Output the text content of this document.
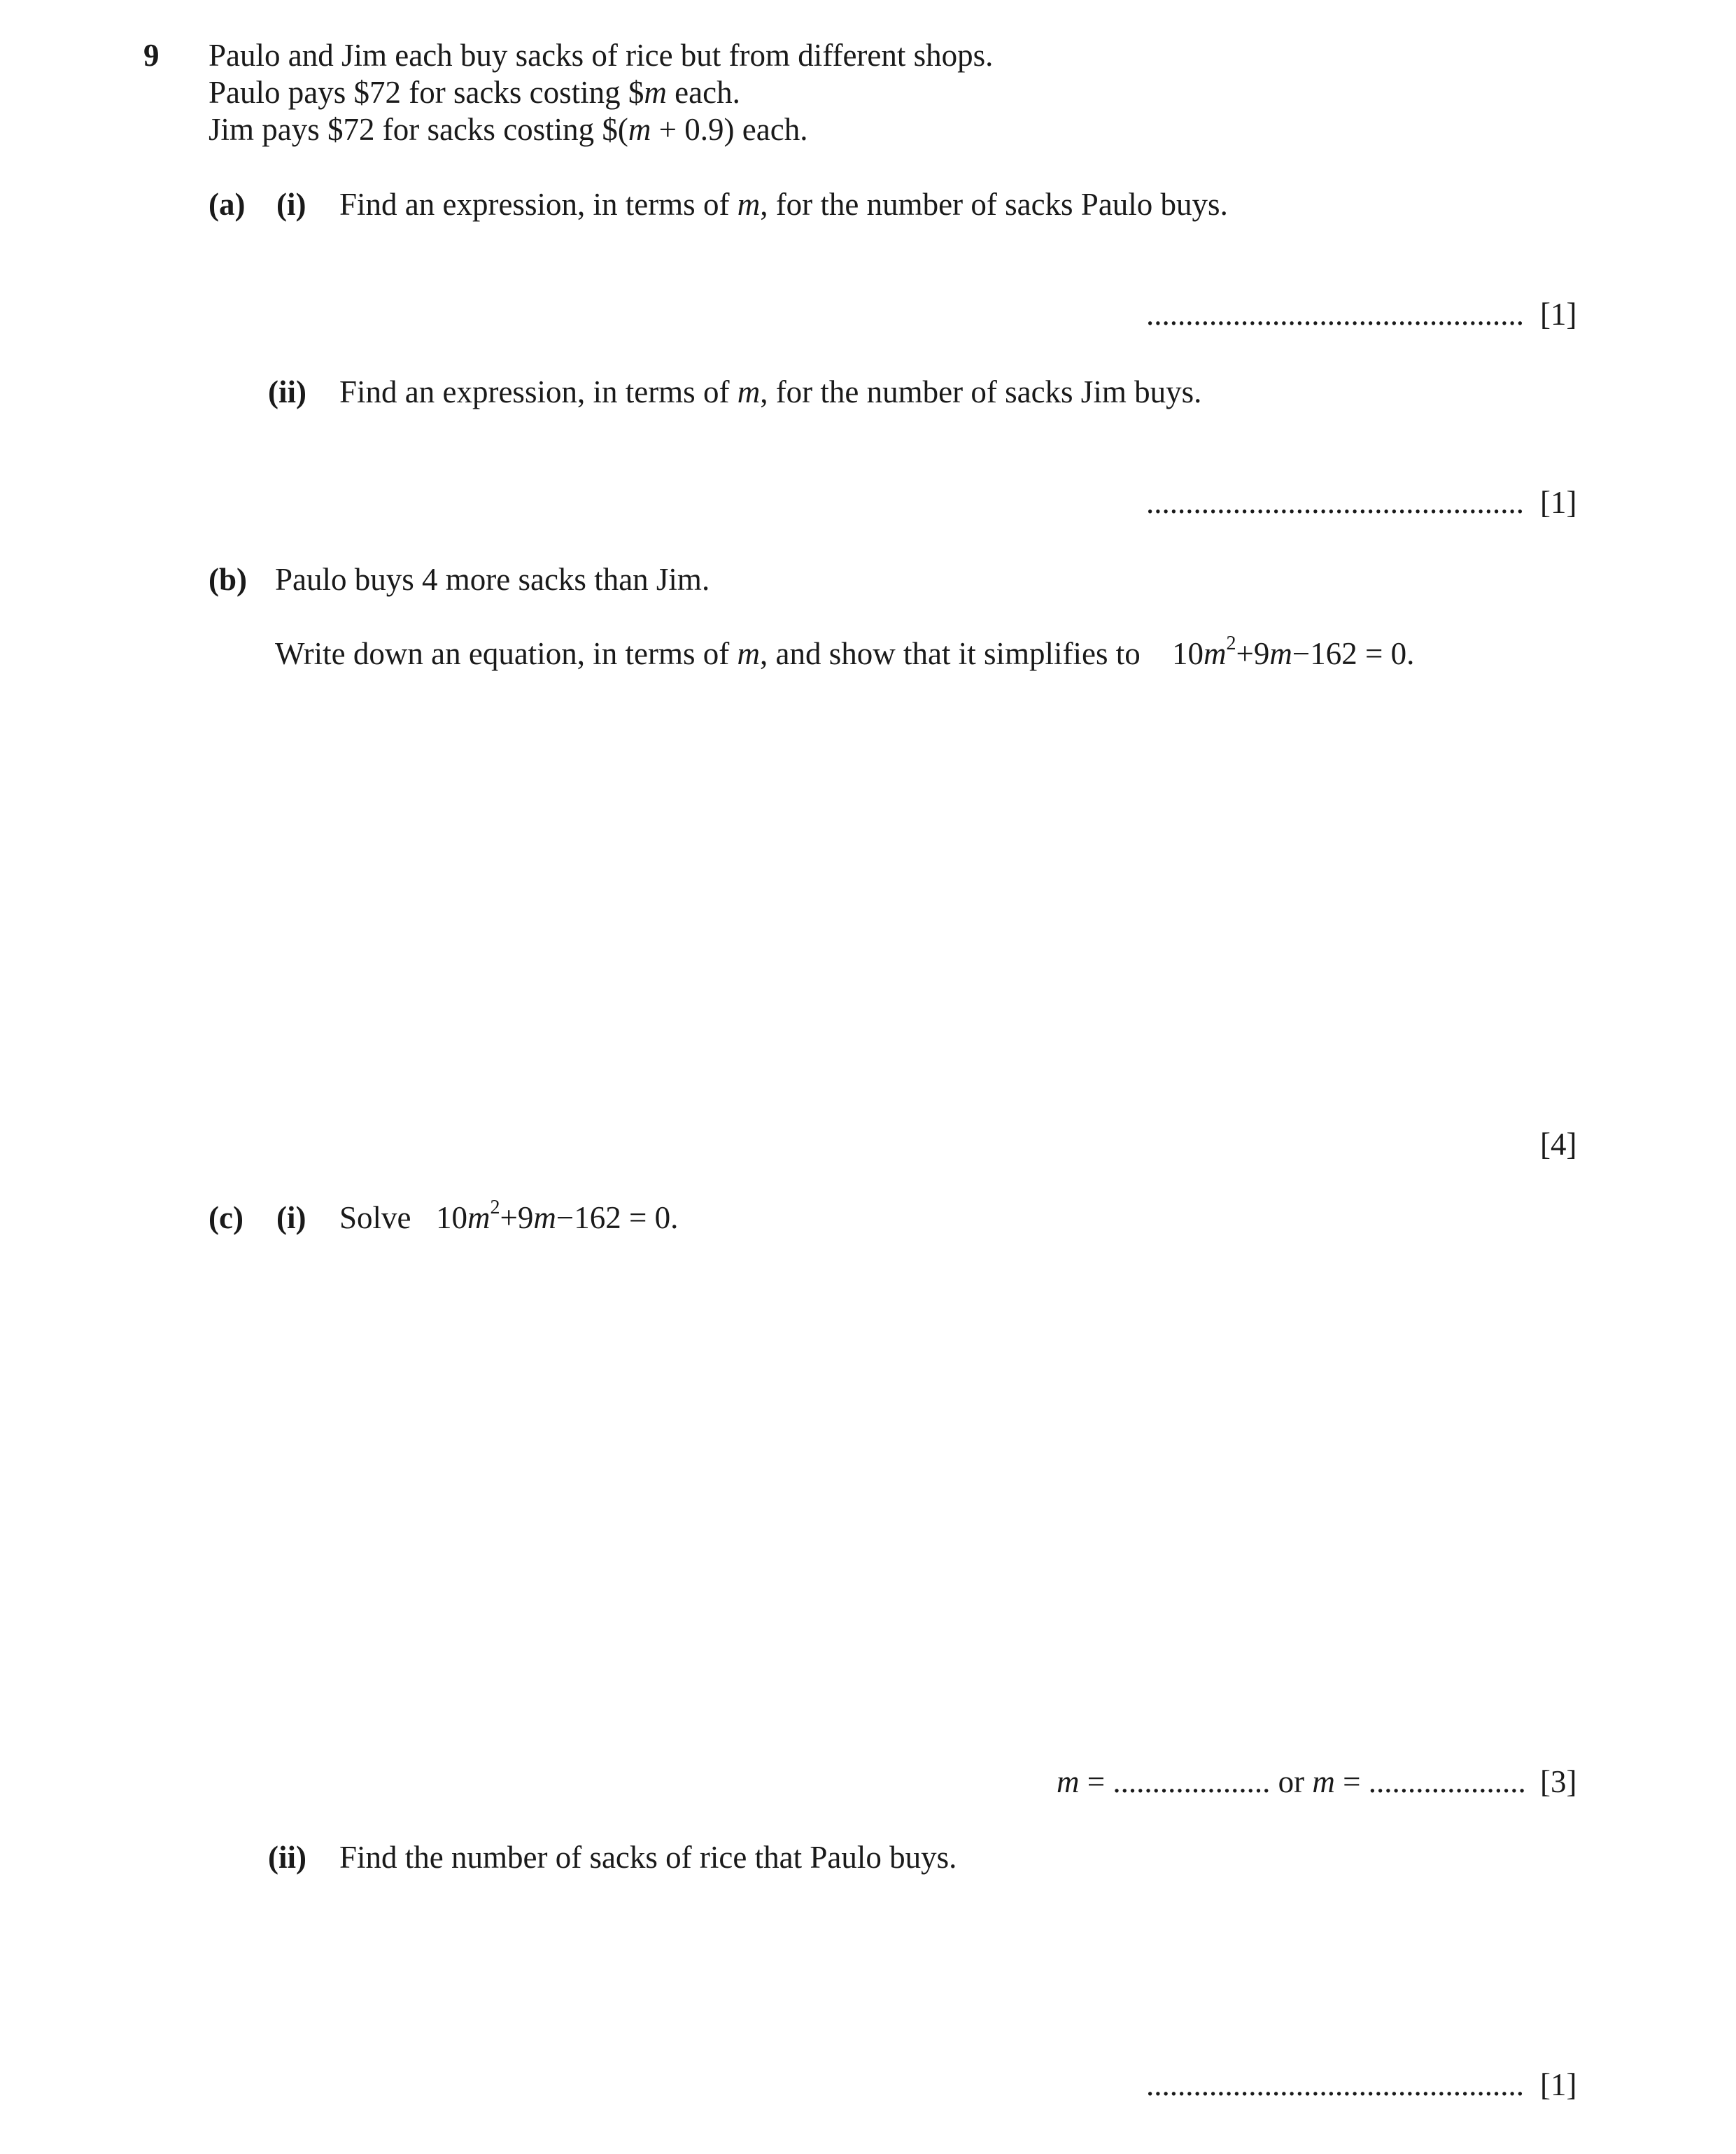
9 Paulo and Jim each buy sacks of rice but from different shops.
Paulo pays $72 for sacks costing $m each.
Jim pays $72 for sacks costing $(m + 0.9) each.
(a) (i) Find an expression, in terms of m, for the number of sacks Paulo buys.
................................................ [1]
(ii) Find an expression, in terms of m, for the number of sacks Jim buys.
................................................ [1]
(b) Paulo buys 4 more sacks than Jim.
Write down an equation, in terms of m, and show that it simplifies to $10m^2+9m-162 = 0$.
[4]
(c) (i) Solve $10m^2+9m-162 = 0$.
m = .................... or m = .................... [3]
(ii) Find the number of sacks of rice that Paulo buys.
................................................ [1]
